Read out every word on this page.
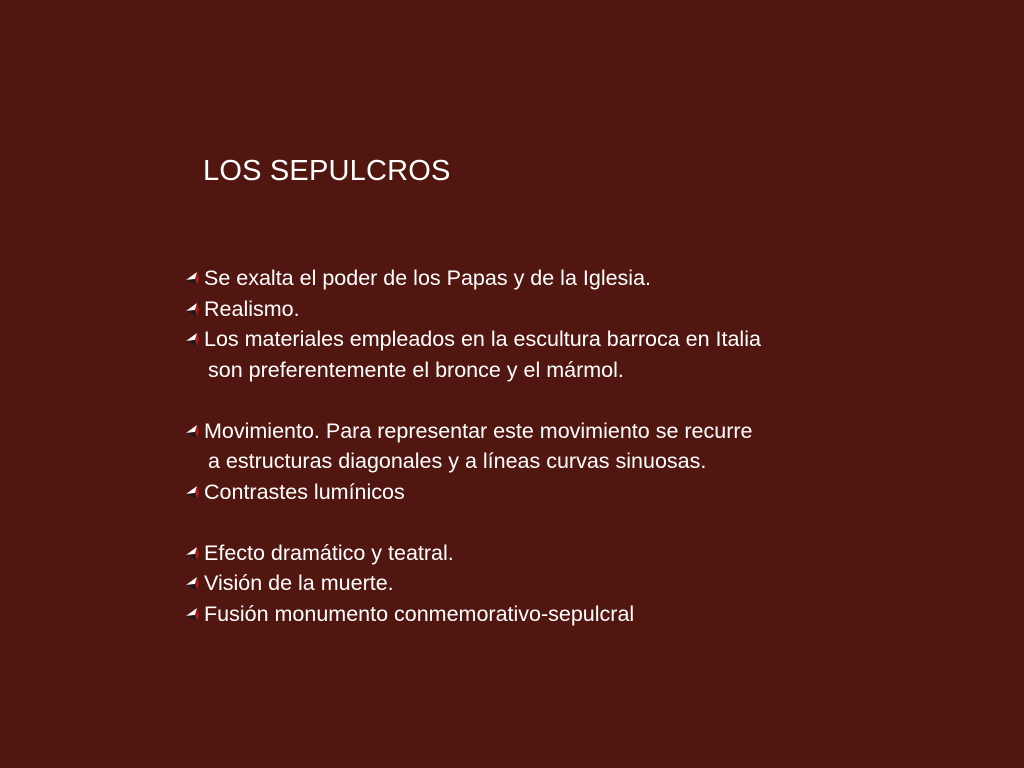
LOS SEPULCROS
Se exalta el poder de los Papas y de la Iglesia.
Realismo.
Los materiales empleados en la escultura barroca en Italia
son preferentemente el bronce y el mármol.
Movimiento. Para representar este movimiento se recurre
a estructuras diagonales y a líneas curvas sinuosas.
Contrastes lumínicos
Efecto dramático y teatral.
Visión de la muerte.
Fusión monumento conmemorativo-sepulcral
